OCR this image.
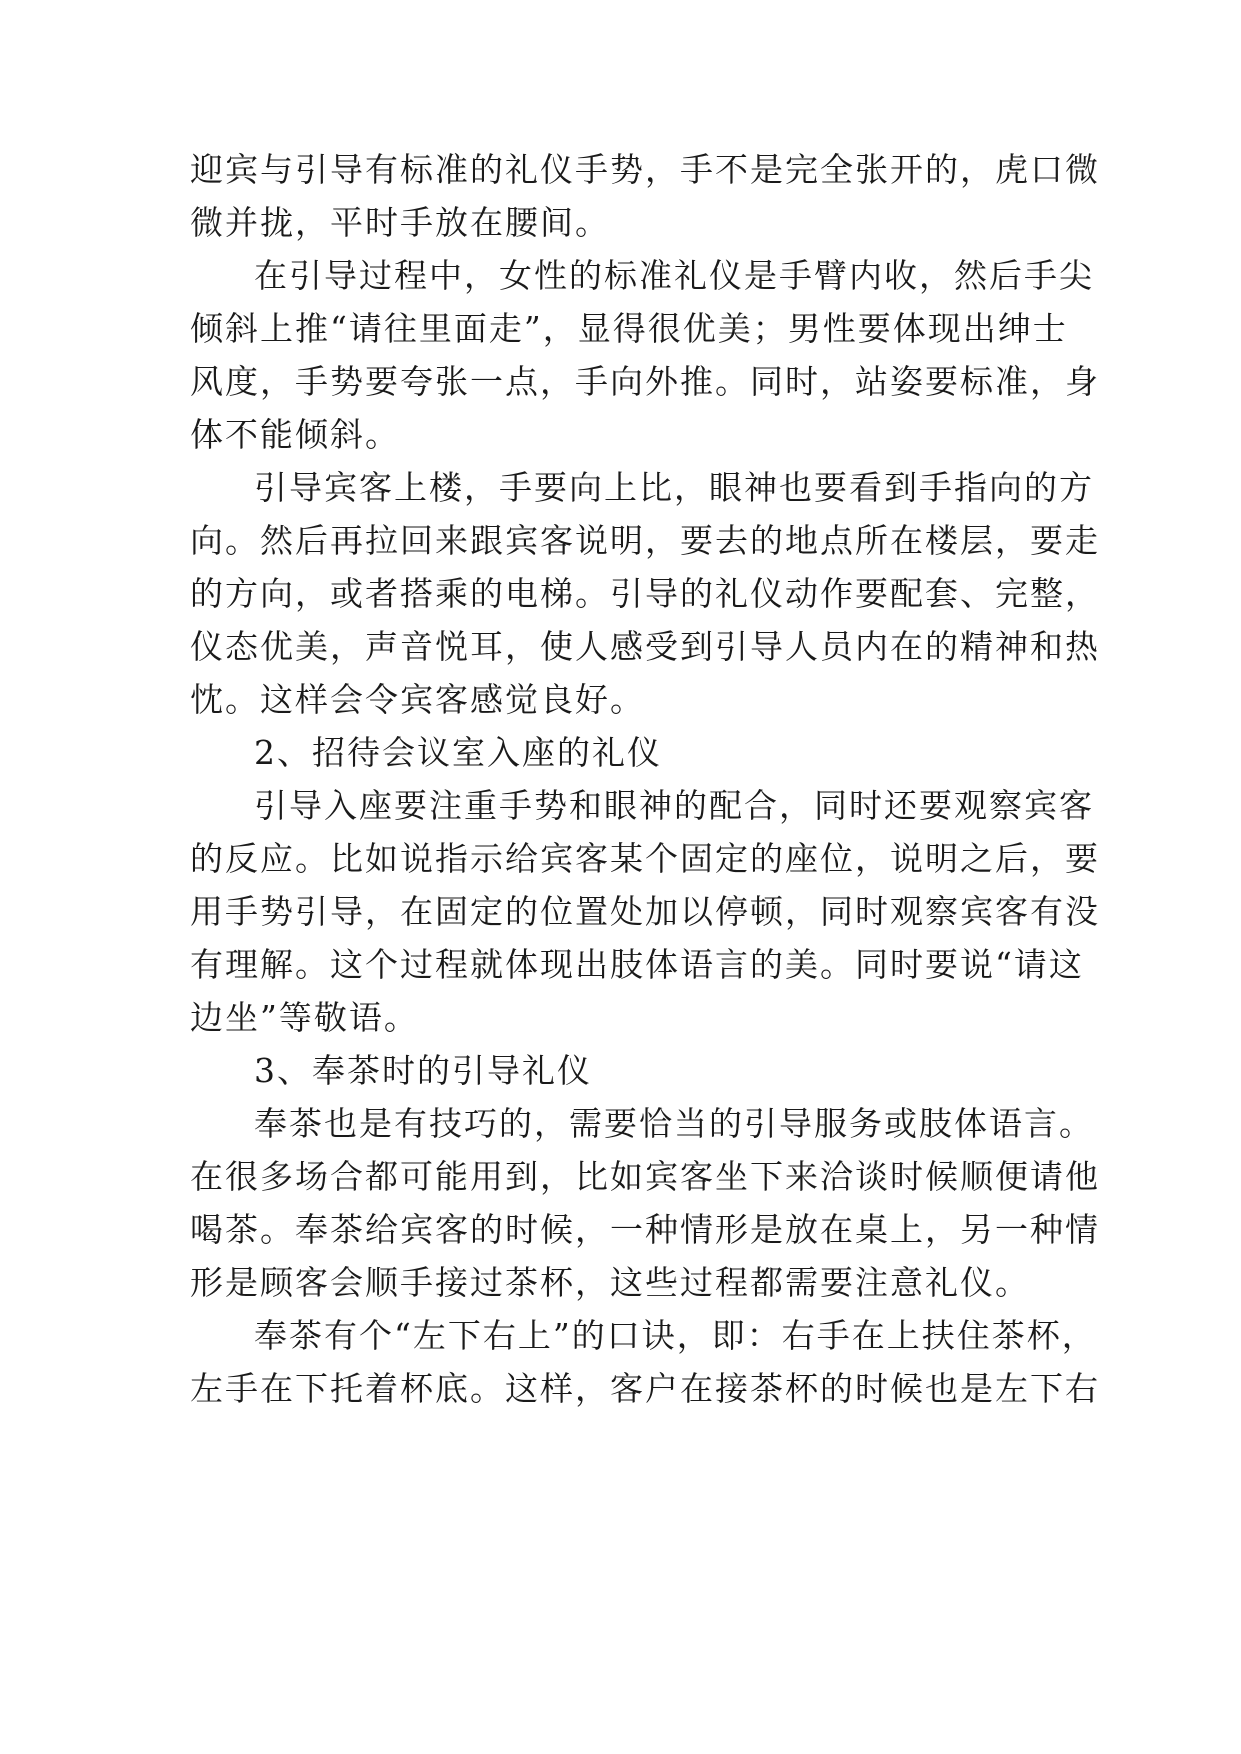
迎宾与引导有标准的礼仪手势，手不是完全张开的，虎口微
微并拢，平时手放在腰间。
在引导过程中，女性的标准礼仪是手臂内收，然后手尖
倾斜上推“请往里面走”，显得很优美；男性要体现出绅士
风度，手势要夸张一点，手向外推。同时，站姿要标准，身
体不能倾斜。
引导宾客上楼，手要向上比，眼神也要看到手指向的方
向。然后再拉回来跟宾客说明，要去的地点所在楼层，要走
的方向，或者搭乘的电梯。引导的礼仪动作要配套、完整，
仪态优美，声音悦耳，使人感受到引导人员内在的精神和热
忱。这样会令宾客感觉良好。
2、招待会议室入座的礼仪
引导入座要注重手势和眼神的配合，同时还要观察宾客
的反应。比如说指示给宾客某个固定的座位，说明之后，要
用手势引导，在固定的位置处加以停顿，同时观察宾客有没
有理解。这个过程就体现出肢体语言的美。同时要说“请这
边坐”等敬语。
3、奉茶时的引导礼仪
奉茶也是有技巧的，需要恰当的引导服务或肢体语言。
在很多场合都可能用到，比如宾客坐下来洽谈时候顺便请他
喝茶。奉茶给宾客的时候，一种情形是放在桌上，另一种情
形是顾客会顺手接过茶杯，这些过程都需要注意礼仪。
奉茶有个“左下右上”的口诀，即：右手在上扶住茶杯，
左手在下托着杯底。这样，客户在接茶杯的时候也是左下右
